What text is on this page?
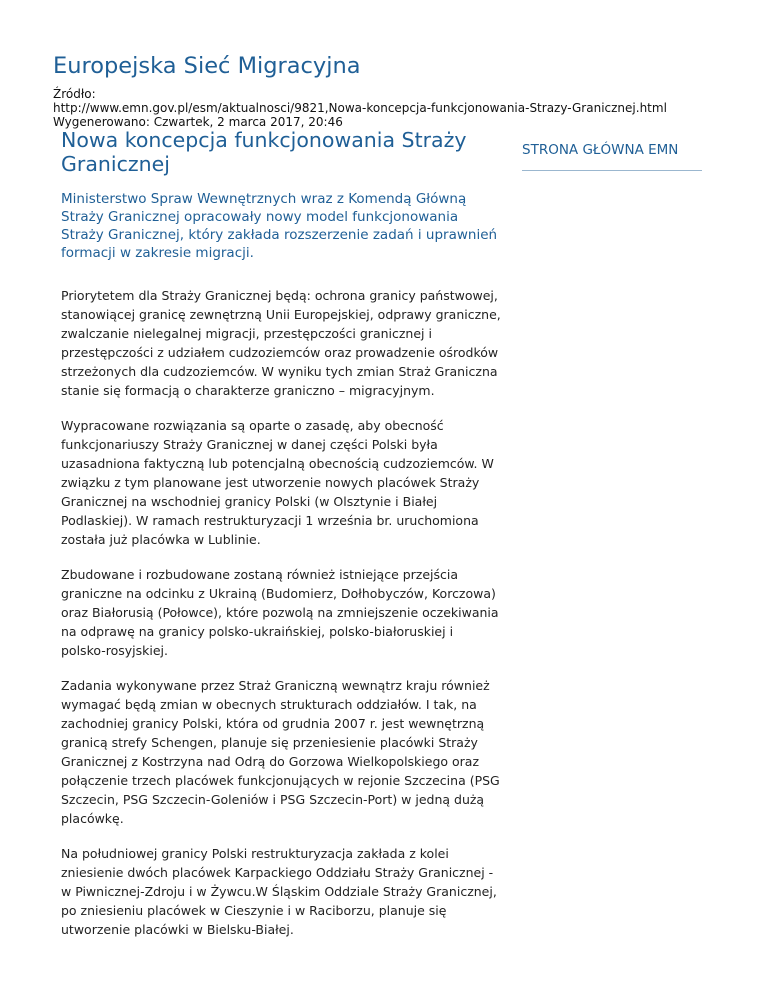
Europejska Sieć Migracyjna
Źródło:
http://www.emn.gov.pl/esm/aktualnosci/9821,Nowa-koncepcja-funkcjonowania-Strazy-Granicznej.html
Wygenerowano: Czwartek, 2 marca 2017, 20:46
Nowa koncepcja funkcjonowania Straży Granicznej

Ministerstwo Spraw Wewnętrznych wraz z Komendą Główną Straży Granicznej opracowały nowy model funkcjonowania Straży Granicznej, który zakłada rozszerzenie zadań i uprawnień formacji w zakresie migracji.

Priorytetem dla Straży Granicznej będą: ochrona granicy państwowej, stanowiącej granicę zewnętrzną Unii Europejskiej, odprawy graniczne, zwalczanie nielegalnej migracji, przestępczości granicznej i przestępczości z udziałem cudzoziemców oraz prowadzenie ośrodków strzeżonych dla cudzoziemców. W wyniku tych zmian Straż Graniczna stanie się formacją o charakterze graniczno – migracyjnym.

Wypracowane rozwiązania są oparte o zasadę, aby obecność funkcjonariuszy Straży Granicznej w danej części Polski była uzasadniona faktyczną lub potencjalną obecnością cudzoziemców. W związku z tym planowane jest utworzenie nowych placówek Straży Granicznej na wschodniej granicy Polski (w Olsztynie i Białej Podlaskiej). W ramach restrukturyzacji 1 września br. uruchomiona została już placówka w Lublinie.

Zbudowane i rozbudowane zostaną również istniejące przejścia graniczne na odcinku z Ukrainą (Budomierz, Dołhobyczów, Korczowa) oraz Białorusią (Połowce), które pozwolą na zmniejszenie oczekiwania na odprawę na granicy polsko-ukraińskiej, polsko-białoruskiej i polsko-rosyjskiej.

Zadania wykonywane przez Straż Graniczną wewnątrz kraju również wymagać będą zmian w obecnych strukturach oddziałów. I tak, na zachodniej granicy Polski, która od grudnia 2007 r. jest wewnętrzną granicą strefy Schengen, planuje się przeniesienie placówki Straży Granicznej z Kostrzyna nad Odrą do Gorzowa Wielkopolskiego oraz połączenie trzech placówek funkcjonujących w rejonie Szczecina (PSG Szczecin, PSG Szczecin-Goleniów i PSG Szczecin-Port) w jedną dużą placówkę.

Na południowej granicy Polski restrukturyzacja zakłada z kolei zniesienie dwóch placówek Karpackiego Oddziału Straży Granicznej - w Piwnicznej-Zdroju i w Żywcu.W Śląskim Oddziale Straży Granicznej, po zniesieniu placówek w Cieszynie i w Raciborzu, planuje się utworzenie placówki w Bielsku-Białej.

STRONA GŁÓWNA EMN
